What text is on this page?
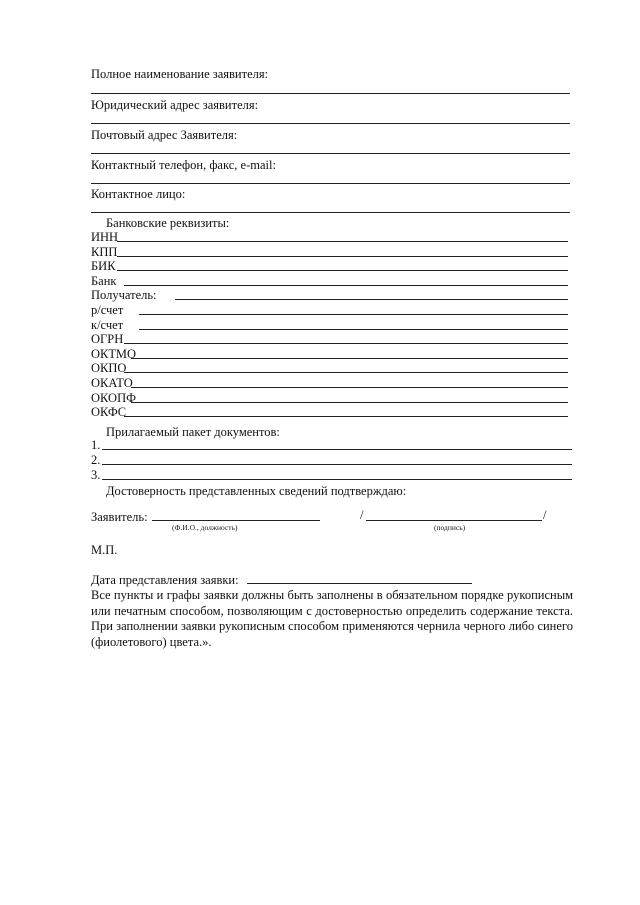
Полное наименование заявителя:
Юридический адрес заявителя:
Почтовый адрес Заявителя:
Контактный телефон, факс, e-mail:
Контактное лицо:
Банковские реквизиты:
ИНН
КПП
БИК
Банк
Получатель:
р/счет
к/счет
ОГРН
ОКТМО
ОКПО
ОКАТО
ОКОПФ
ОКФС
Прилагаемый пакет документов:
1.
2.
3.
Достоверность представленных сведений подтверждаю:
Заявитель:
(Ф.И.О., должность)
/	/
(подпись)
М.П.
Дата представления заявки:
Все пункты и графы заявки должны быть заполнены в обязательном порядке рукописным или печатным способом, позволяющим с достоверностью определить содержание текста. При заполнении заявки рукописным способом применяются чернила черного либо синего (фиолетового) цвета.».
